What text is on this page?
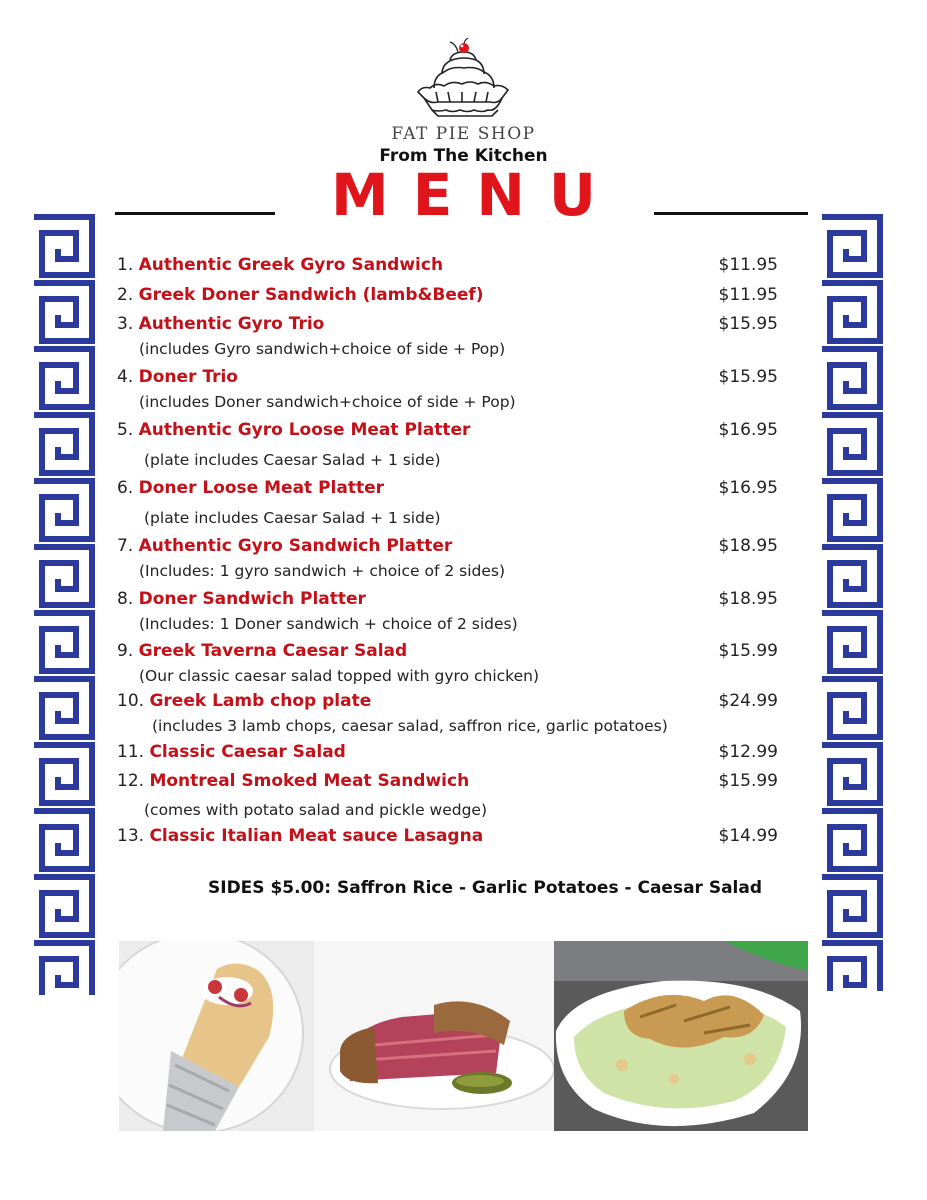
FAT PIE SHOP
From The Kitchen
MENU
1. Authentic Greek Gyro Sandwich	$11.95
2. Greek Doner Sandwich (lamb&Beef)	$11.95
3. Authentic Gyro Trio	$15.95
(includes Gyro sandwich+choice of side + Pop)
4. Doner Trio	$15.95
(includes Doner sandwich+choice of side + Pop)
5. Authentic Gyro Loose Meat Platter	$16.95
(plate includes Caesar Salad + 1 side)
6. Doner Loose Meat Platter	$16.95
(plate includes Caesar Salad + 1 side)
7. Authentic Gyro Sandwich Platter	$18.95
(Includes: 1 gyro sandwich + choice of 2 sides)
8. Doner Sandwich Platter	$18.95
(Includes: 1 Doner sandwich + choice of 2 sides)
9. Greek Taverna Caesar Salad	$15.99
(Our classic caesar salad topped with gyro chicken)
10. Greek Lamb chop plate	$24.99
(includes 3 lamb chops, caesar salad, saffron rice, garlic potatoes)
11. Classic Caesar Salad	$12.99
12. Montreal Smoked Meat Sandwich	$15.99
(comes with potato salad and pickle wedge)
13. Classic Italian Meat sauce Lasagna	$14.99
SIDES $5.00: Saffron Rice - Garlic Potatoes - Caesar Salad
